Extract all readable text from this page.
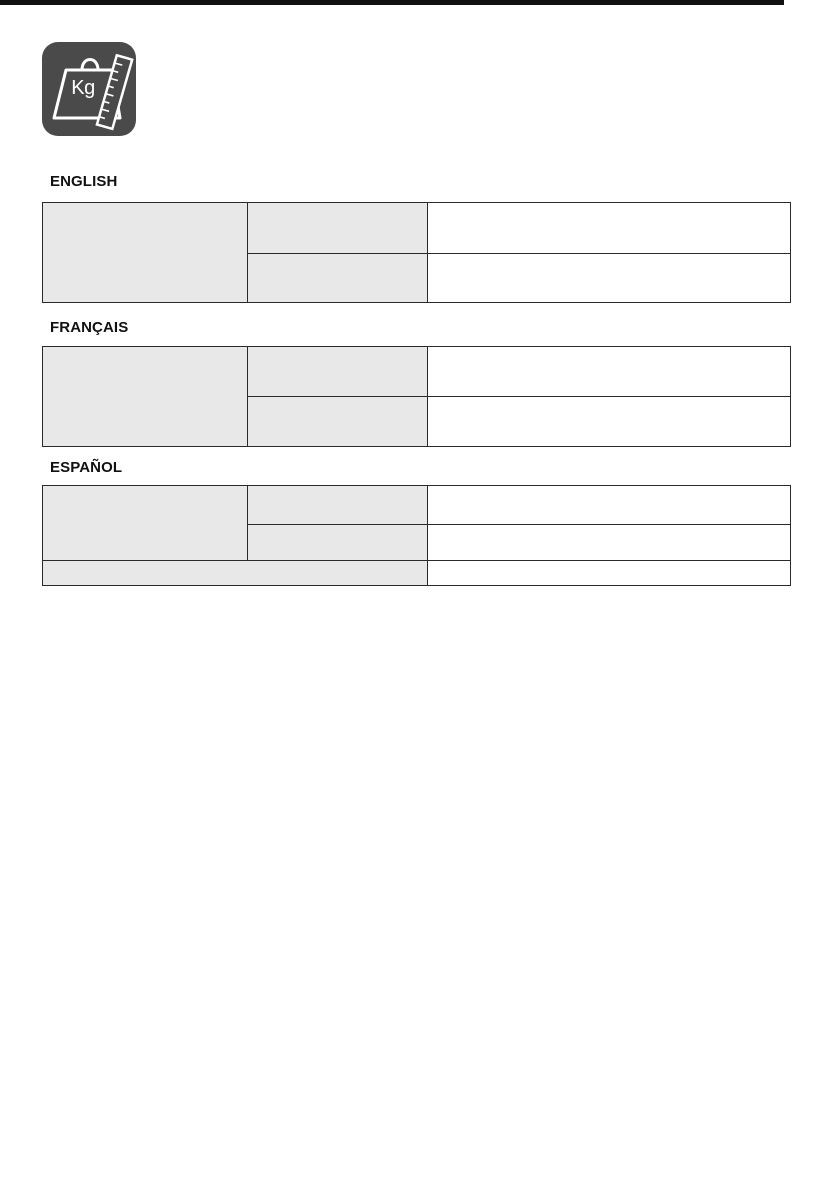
Kg
ENGLISH

FRANÇAIS

ESPAÑOL
